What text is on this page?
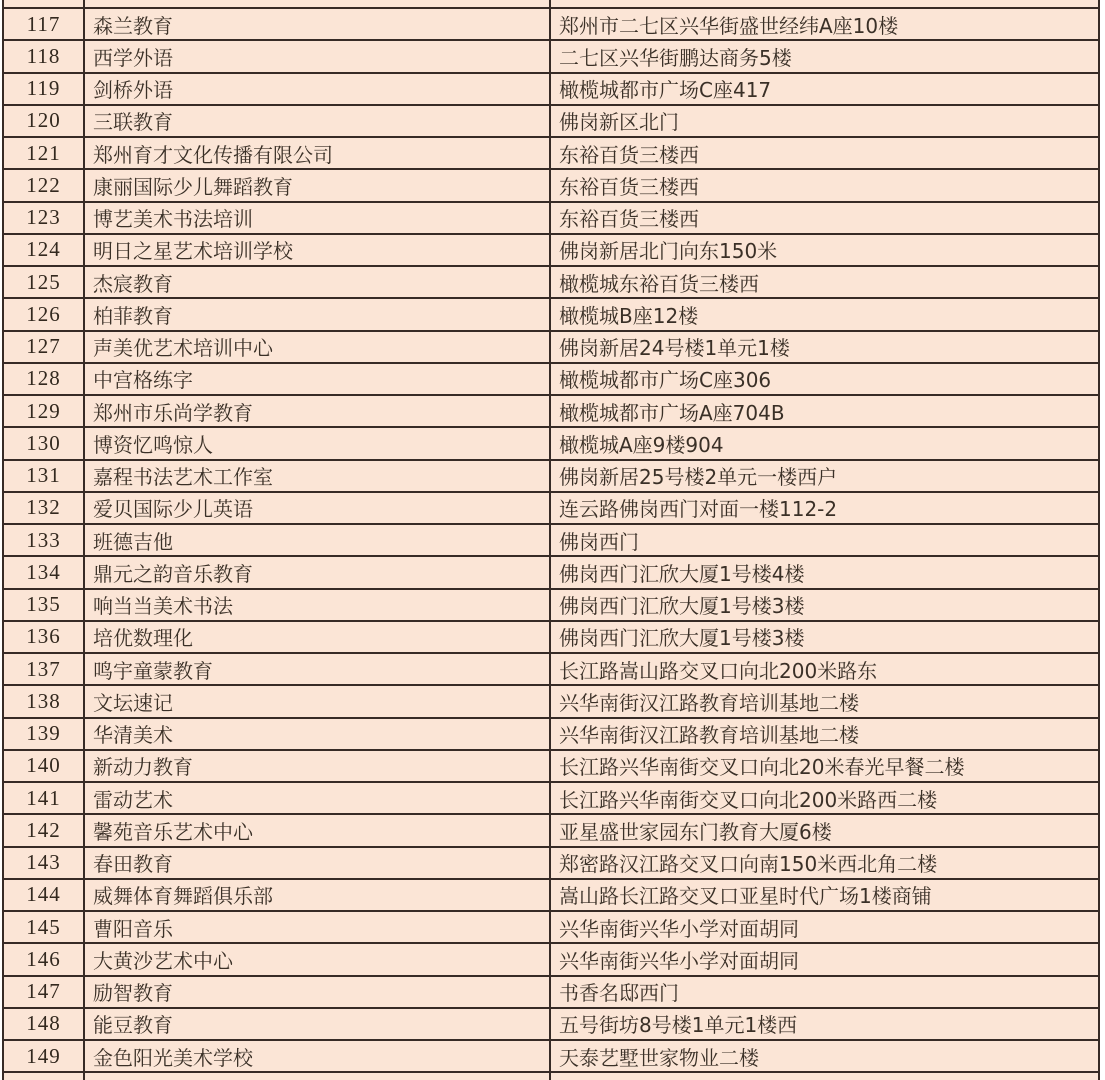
117	森兰教育	郑州市二七区兴华街盛世经纬A座10楼
118	西学外语	二七区兴华街鹏达商务5楼
119	剑桥外语	橄榄城都市广场C座417
120	三联教育	佛岗新区北门
121	郑州育才文化传播有限公司	东裕百货三楼西
122	康丽国际少儿舞蹈教育	东裕百货三楼西
123	博艺美术书法培训	东裕百货三楼西
124	明日之星艺术培训学校	佛岗新居北门向东150米
125	杰宸教育	橄榄城东裕百货三楼西
126	柏菲教育	橄榄城B座12楼
127	声美优艺术培训中心	佛岗新居24号楼1单元1楼
128	中宫格练字	橄榄城都市广场C座306
129	郑州市乐尚学教育	橄榄城都市广场A座704B
130	博资忆鸣惊人	橄榄城A座9楼904
131	嘉程书法艺术工作室	佛岗新居25号楼2单元一楼西户
132	爱贝国际少儿英语	连云路佛岗西门对面一楼112-2
133	班德吉他	佛岗西门
134	鼎元之韵音乐教育	佛岗西门汇欣大厦1号楼4楼
135	响当当美术书法	佛岗西门汇欣大厦1号楼3楼
136	培优数理化	佛岗西门汇欣大厦1号楼3楼
137	鸣宇童蒙教育	长江路嵩山路交叉口向北200米路东
138	文坛速记	兴华南街汉江路教育培训基地二楼
139	华清美术	兴华南街汉江路教育培训基地二楼
140	新动力教育	长江路兴华南街交叉口向北20米春光早餐二楼
141	雷动艺术	长江路兴华南街交叉口向北200米路西二楼
142	馨苑音乐艺术中心	亚星盛世家园东门教育大厦6楼
143	春田教育	郑密路汉江路交叉口向南150米西北角二楼
144	威舞体育舞蹈俱乐部	嵩山路长江路交叉口亚星时代广场1楼商铺
145	曹阳音乐	兴华南街兴华小学对面胡同
146	大黄沙艺术中心	兴华南街兴华小学对面胡同
147	励智教育	书香名邸西门
148	能豆教育	五号街坊8号楼1单元1楼西
149	金色阳光美术学校	天泰艺墅世家物业二楼
